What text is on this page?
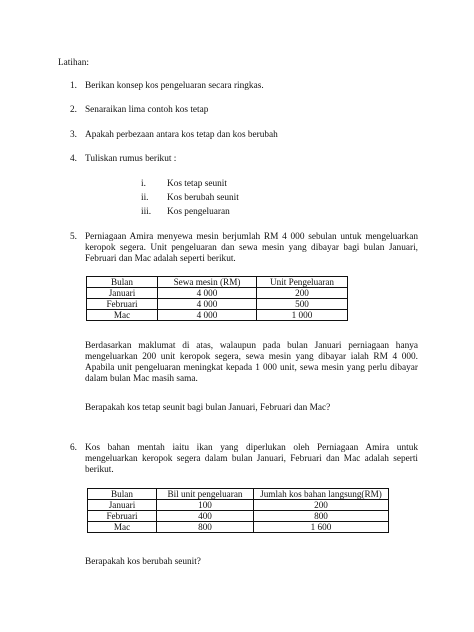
Latihan:
1. Berikan konsep kos pengeluaran secara ringkas.
2. Senaraikan lima contoh kos tetap
3. Apakah perbezaan antara kos tetap dan kos berubah
4. Tuliskan rumus berikut :
i. Kos tetap seunit
ii. Kos berubah seunit
iii. Kos pengeluaran
5. Perniagaan Amira menyewa mesin berjumlah RM 4 000 sebulan untuk mengeluarkan
keropok segera. Unit pengeluaran dan sewa mesin yang dibayar bagi bulan Januari,
Februari dan Mac adalah seperti berikut.
Bulan	Sewa mesin (RM)	Unit Pengeluaran
Januari	4 000	200
Februari	4 000	500
Mac	4 000	1 000
Berdasarkan maklumat di atas, walaupun pada bulan Januari perniagaan hanya
mengeluarkan 200 unit keropok segera, sewa mesin yang dibayar ialah RM 4 000.
Apabila unit pengeluaran meningkat kepada 1 000 unit, sewa mesin yang perlu dibayar
dalam bulan Mac masih sama.
Berapakah kos tetap seunit bagi bulan Januari, Februari dan Mac?
6. Kos bahan mentah iaitu ikan yang diperlukan oleh Perniagaan Amira untuk
mengeluarkan keropok segera dalam bulan Januari, Februari dan Mac adalah seperti
berikut.
Bulan	Bil unit pengeluaran	Jumlah kos bahan langsung(RM)
Januari	100	200
Februari	400	800
Mac	800	1 600
Berapakah kos berubah seunit?
